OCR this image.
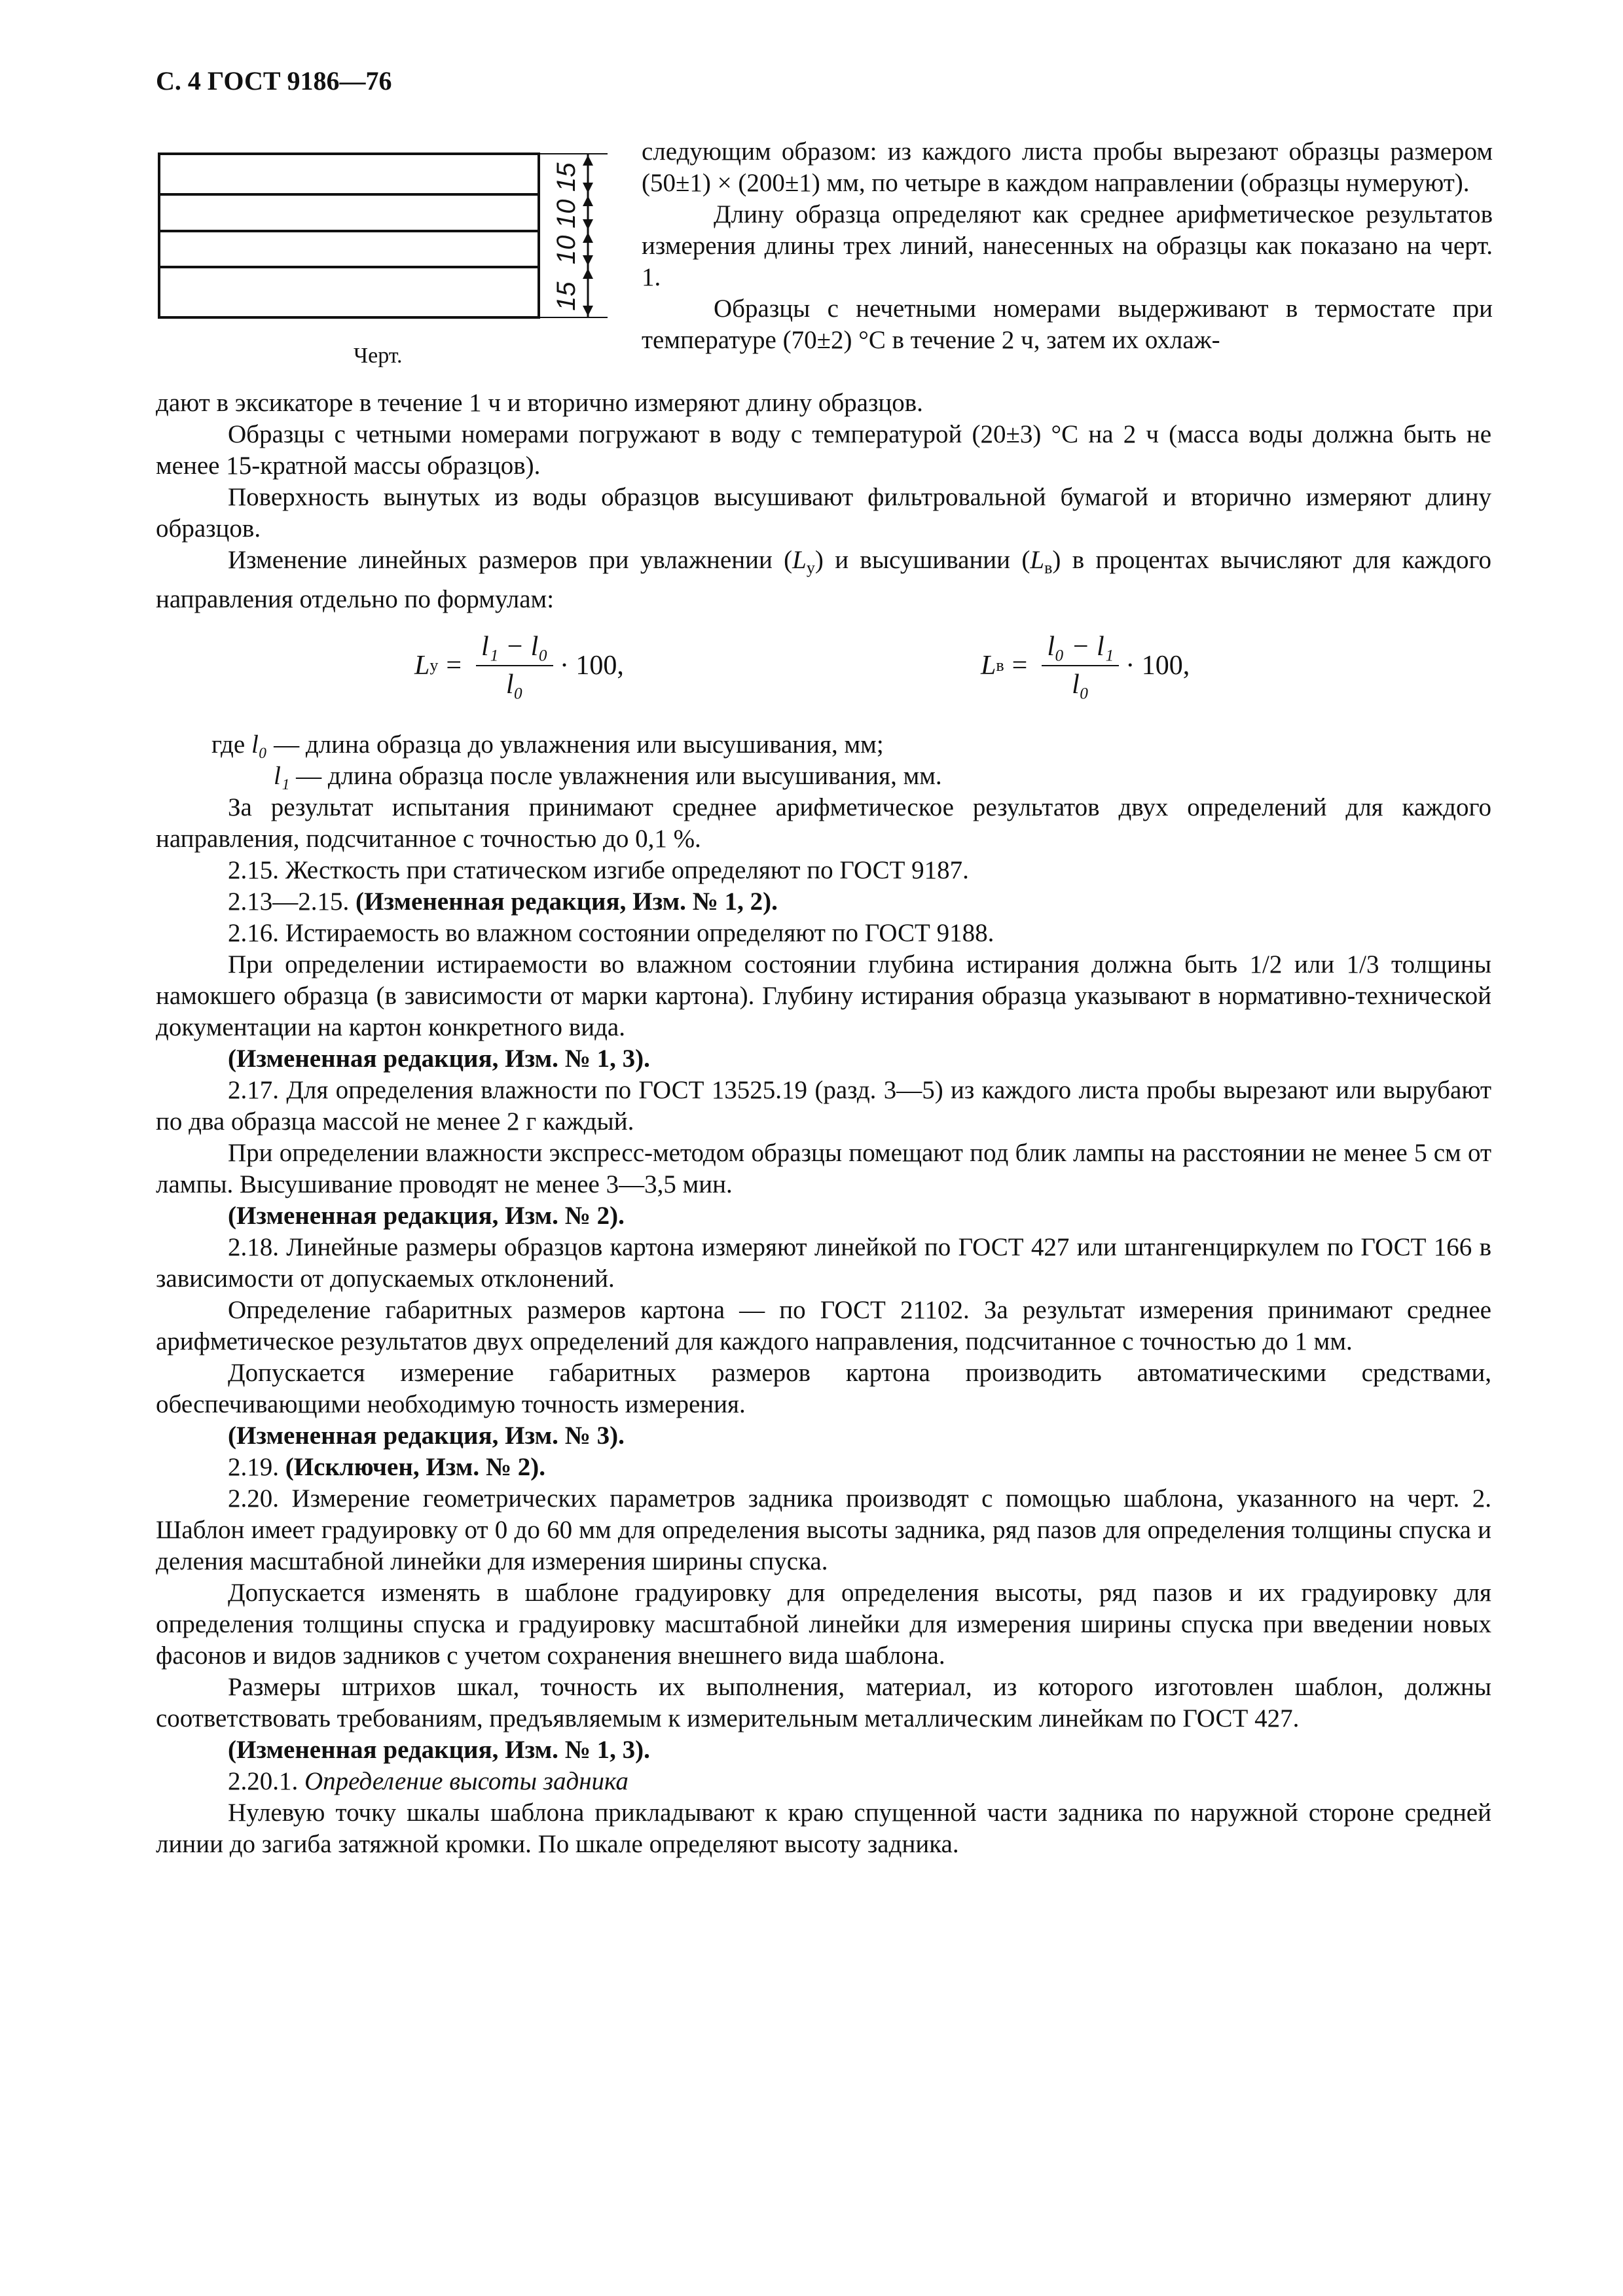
С. 4 ГОСТ 9186—76
15
10
10
15
Черт.

следующим образом: из каждого листа пробы вырезают образцы размером (50±1) × (200±1) мм, по четыре в каждом направлении (образцы нумеруют).

Длину образца определяют как среднее арифметическое результатов измерения длины трех линий, нанесенных на образцы как показано на черт. 1.

Образцы с нечетными номерами выдерживают в термостате при температуре (70±2) °С в течение 2 ч, затем их охлаж-

дают в эксикаторе в течение 1 ч и вторично измеряют длину образцов.

Образцы с четными номерами погружают в воду с температурой (20±3) °С на 2 ч (масса воды должна быть не менее 15-кратной массы образцов).

Поверхность вынутых из воды образцов высушивают фильтровальной бумагой и вторично измеряют длину образцов.

Изменение линейных размеров при увлажнении $(L_у)$ и высушивании $(L_в)$ в процентах вычисляют для каждого направления отдельно по формулам:

L $у = \frac{\text{l₁ − l₀}}{\text{l₀}} \cdot 100$,	L $в = \frac{\text{l₀ − l₁}}{\text{l₀}} \cdot 100$,

где l₀ — длина образца до увлажнения или высушивания, мм;

l₁ — длина образца после увлажнения или высушивания, мм.

За результат испытания принимают среднее арифметическое результатов двух определений для каждого направления, подсчитанное с точностью до 0,1 %.

2.15. Жесткость при статическом изгибе определяют по ГОСТ 9187.

2.13—2.15. (Измененная редакция, Изм. № 1, 2).

2.16. Истираемость во влажном состоянии определяют по ГОСТ 9188.

При определении истираемости во влажном состоянии глубина истирания должна быть 1/2 или 1/3 толщины намокшего образца (в зависимости от марки картона). Глубину истирания образца указывают в нормативно-технической документации на картон конкретного вида.

(Измененная редакция, Изм. № 1, 3).

2.17. Для определения влажности по ГОСТ 13525.19 (разд. 3—5) из каждого листа пробы вырезают или вырубают по два образца массой не менее 2 г каждый.

При определении влажности экспресс-методом образцы помещают под блик лампы на расстоянии не менее 5 см от лампы. Высушивание проводят не менее 3—3,5 мин.

(Измененная редакция, Изм. № 2).

2.18. Линейные размеры образцов картона измеряют линейкой по ГОСТ 427 или штангенциркулем по ГОСТ 166 в зависимости от допускаемых отклонений.

Определение габаритных размеров картона — по ГОСТ 21102. За результат измерения принимают среднее арифметическое результатов двух определений для каждого направления, подсчитанное с точностью до 1 мм.

Допускается измерение габаритных размеров картона производить автоматическими средствами, обеспечивающими необходимую точность измерения.

(Измененная редакция, Изм. № 3).

2.19. (Исключен, Изм. № 2).

2.20. Измерение геометрических параметров задника производят с помощью шаблона, указанного на черт. 2. Шаблон имеет градуировку от 0 до 60 мм для определения высоты задника, ряд пазов для определения толщины спуска и деления масштабной линейки для измерения ширины спуска.

Допускается изменять в шаблоне градуировку для определения высоты, ряд пазов и их градуировку для определения толщины спуска и градуировку масштабной линейки для измерения ширины спуска при введении новых фасонов и видов задников с учетом сохранения внешнего вида шаблона.

Размеры штрихов шкал, точность их выполнения, материал, из которого изготовлен шаблон, должны соответствовать требованиям, предъявляемым к измерительным металлическим линейкам по ГОСТ 427.

(Измененная редакция, Изм. № 1, 3).

2.20.1. Определение высоты задника

Нулевую точку шкалы шаблона прикладывают к краю спущенной части задника по наружной стороне средней линии до загиба затяжной кромки. По шкале определяют высоту задника.
